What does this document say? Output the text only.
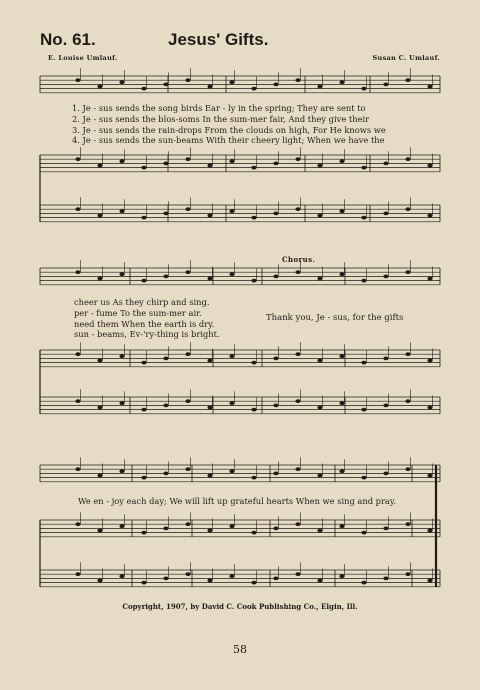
No. 61.	Jesus' Gifts.
E. Louise Umlauf.	Susan C. Umlauf.
1. Je - sus sends the song birds Ear - ly in the spring; They are sent to
2. Je - sus sends the blos-soms In the sum-mer fair, And they give their
3. Je - sus sends the rain-drops From the clouds on high, For He knows we
4. Je - sus sends the sun-beams With their cheery light; When we have the
Chorus.
cheer us As they chirp and sing.
per - fume To the sum-mer air.
need them When the earth is dry.
sun - beams, Ev-'ry-thing is bright.
Thank you, Je - sus, for the gifts
We en - joy each day; We will lift up grateful hearts When we sing and pray.
Copyright, 1907, by David C. Cook Publishing Co., Elgin, Ill.
58
